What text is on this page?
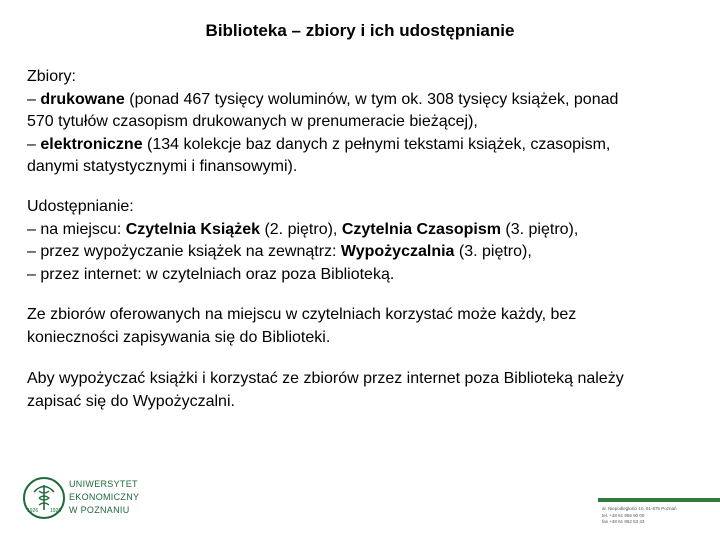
Biblioteka – zbiory i ich udostępnianie
Zbiory:
– drukowane (ponad 467 tysięcy woluminów, w tym ok. 308 tysięcy książek, ponad
570 tytułów czasopism drukowanych w prenumeracie bieżącej),
– elektroniczne (134 kolekcje baz danych z pełnymi tekstami książek, czasopism,
danymi statystycznymi i finansowymi).
Udostępnianie:
– na miejscu: Czytelnia Książek (2. piętro), Czytelnia Czasopism (3. piętro),
– przez wypożyczanie książek na zewnątrz: Wypożyczalnia (3. piętro),
– przez internet: w czytelniach oraz poza Biblioteką.
Ze zbiorów oferowanych na miejscu w czytelniach korzystać może każdy, bez
konieczności zapisywania się do Biblioteki.
Aby wypożyczać książki i korzystać ze zbiorów przez internet poza Biblioteką należy
zapisać się do Wypożyczalni.
1926 1926
UNIWERSYTET
EKONOMICZNY
W POZNANIU	al. Niepodległości 10, 61-875 Poznań
tel. +48 61 856 90 00
fax +48 61 852 53 43
